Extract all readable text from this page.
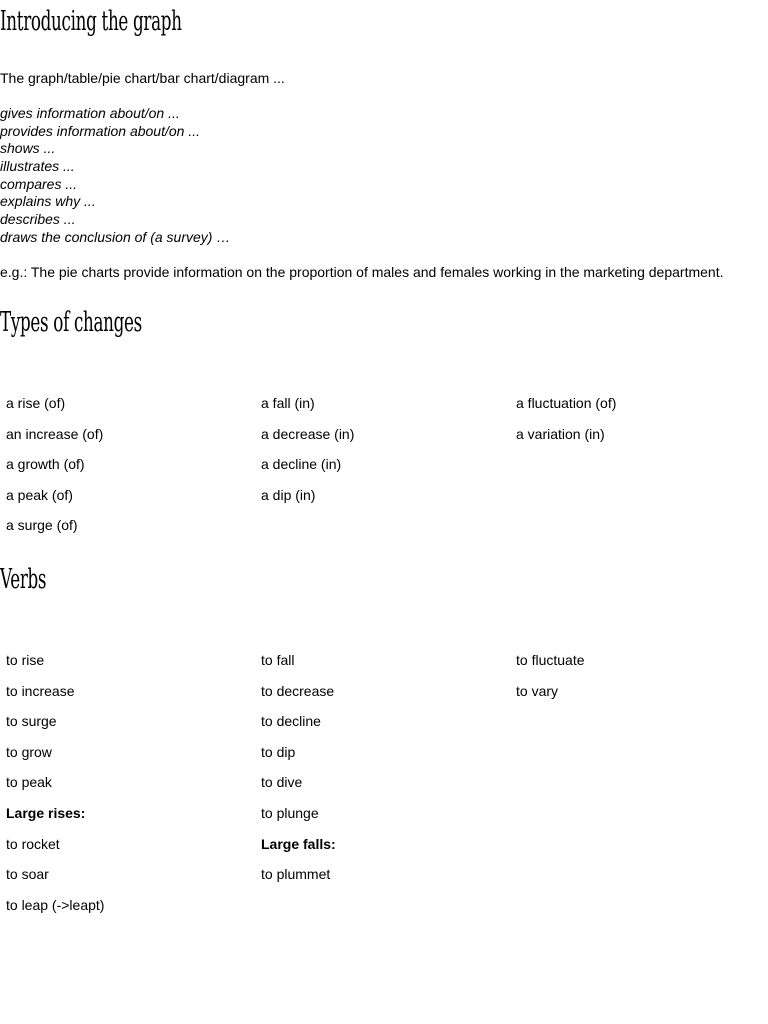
Introducing the graph

The graph/table/pie chart/bar chart/diagram ...

gives information about/on ...
provides information about/on ...
shows ...
illustrates ...
compares ...
explains why ...
describes ...
draws the conclusion of (a survey) …

e.g.: The pie charts provide information on the proportion of males and females working in the marketing department.

Types of changes
a rise (of)
an increase (of)
a growth (of)
a peak (of)
a surge (of)
a fall (in)
a decrease (in)
a decline (in)
a dip (in)
a fluctuation (of)
a variation (in)
Verbs
to rise
to increase
to surge
to grow
to peak
Large rises:
to rocket
to soar
to leap (->leapt)
to fall
to decrease
to decline
to dip
to dive
to plunge
Large falls:
to plummet
to fluctuate
to vary
